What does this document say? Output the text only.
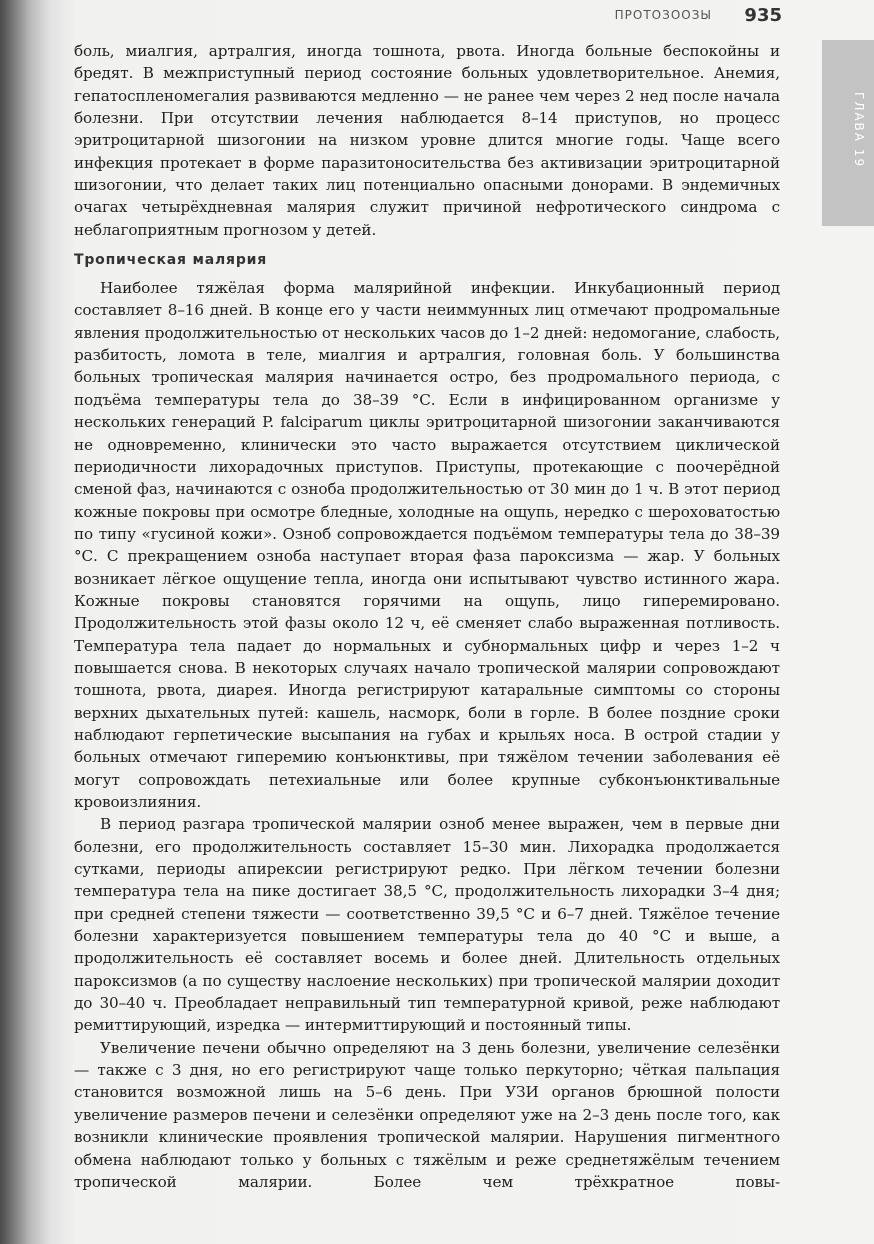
ПРОТОЗООЗЫ 935
ГЛАВА 19

боль, миалгия, артралгия, иногда тошнота, рвота. Иногда больные беспокойны и бредят. В межприступный период состояние больных удовлетворительное. Анемия, гепатоспленомегалия развиваются медленно — не ранее чем через 2 нед после начала болезни. При отсутствии лечения наблюдается 8–14 приступов, но процесс эритроцитарной шизогонии на низком уровне длится многие годы. Чаще всего инфекция протекает в форме паразитоносительства без активизации эритроцитарной шизогонии, что делает таких лиц потенциально опасными донорами. В эндемичных очагах четырёхдневная малярия служит причиной нефротического синдрома с неблагоприятным прогнозом у детей.

Тропическая малярия

Наиболее тяжёлая форма малярийной инфекции. Инкубационный период составляет 8–16 дней. В конце его у части неиммунных лиц отмечают продромальные явления продолжительностью от нескольких часов до 1–2 дней: недомогание, слабость, разбитость, ломота в теле, миалгия и артралгия, головная боль. У большинства больных тропическая малярия начинается остро, без продромального периода, с подъёма температуры тела до 38–39 °С. Если в инфицированном организме у нескольких генераций P. falciparum циклы эритроцитарной шизогонии заканчиваются не одновременно, клинически это часто выражается отсутствием циклической периодичности лихорадочных приступов. Приступы, протекающие с поочерёдной сменой фаз, начинаются с озноба продолжительностью от 30 мин до 1 ч. В этот период кожные покровы при осмотре бледные, холодные на ощупь, нередко с шероховатостью по типу «гусиной кожи». Озноб сопровождается подъёмом температуры тела до 38–39 °С. С прекращением озноба наступает вторая фаза пароксизма — жар. У больных возникает лёгкое ощущение тепла, иногда они испытывают чувство истинного жара. Кожные покровы становятся горячими на ощупь, лицо гиперемировано. Продолжительность этой фазы около 12 ч, её сменяет слабо выраженная потливость. Температура тела падает до нормальных и субнормальных цифр и через 1–2 ч повышается снова. В некоторых случаях начало тропической малярии сопровождают тошнота, рвота, диарея. Иногда регистрируют катаральные симптомы со стороны верхних дыхательных путей: кашель, насморк, боли в горле. В более поздние сроки наблюдают герпетические высыпания на губах и крыльях носа. В острой стадии у больных отмечают гиперемию конъюнктивы, при тяжёлом течении заболевания её могут сопровождать петехиальные или более крупные субконъюнктивальные кровоизлияния.

В период разгара тропической малярии озноб менее выражен, чем в первые дни болезни, его продолжительность составляет 15–30 мин. Лихорадка продолжается сутками, периоды апирексии регистрируют редко. При лёгком течении болезни температура тела на пике достигает 38,5 °С, продолжительность лихорадки 3–4 дня; при средней степени тяжести — соответственно 39,5 °С и 6–7 дней. Тяжёлое течение болезни характеризуется повышением температуры тела до 40 °С и выше, а продолжительность её составляет восемь и более дней. Длительность отдельных пароксизмов (а по существу наслоение нескольких) при тропической малярии доходит до 30–40 ч. Преобладает неправильный тип температурной кривой, реже наблюдают ремиттирующий, изредка — интермиттирующий и постоянный типы.

Увеличение печени обычно определяют на 3 день болезни, увеличение селезёнки — также с 3 дня, но его регистрируют чаще только перкуторно; чёткая пальпация становится возможной лишь на 5–6 день. При УЗИ органов брюшной полости увеличение размеров печени и селезёнки определяют уже на 2–3 день после того, как возникли клинические проявления тропической малярии. Нарушения пигментного обмена наблюдают только у больных с тяжёлым и реже среднетяжёлым течением тропической малярии. Более чем трёхкратное повы-
